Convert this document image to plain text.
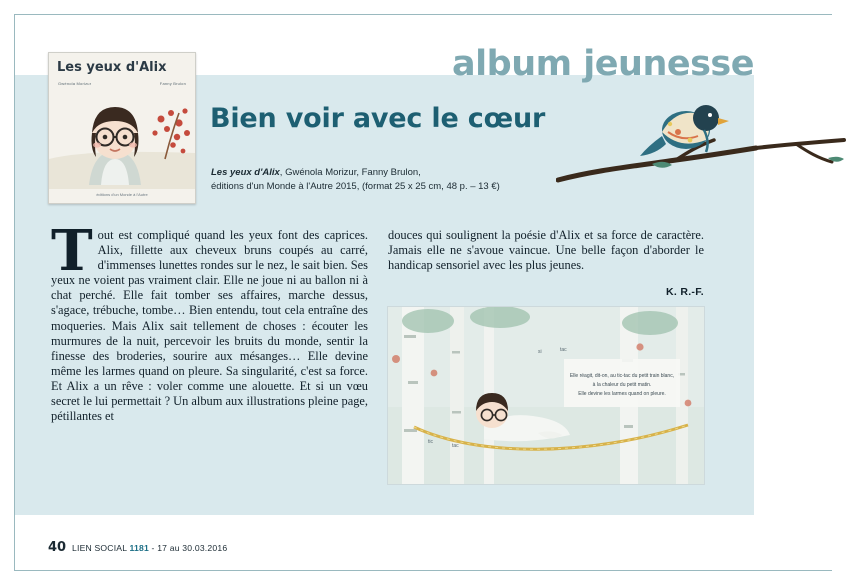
album jeunesse
Les yeux d'Alix
Gwénola Morizur	Fanny Brulon
éditions d'un Monde à l'Autre
Bien voir avec le cœur
Les yeux d'Alix, Gwénola Morizur, Fanny Brulon,
éditions d'un Monde à l'Autre 2015, (format 25 x 25 cm, 48 p. – 13 €)
Tout est compliqué quand les yeux font des caprices. Alix, fillette aux cheveux bruns coupés au carré, d'immenses lunettes rondes sur le nez, le sait bien. Ses yeux ne voient pas vraiment clair. Elle ne joue ni au ballon ni à chat perché. Elle fait tomber ses affaires, marche dessus, s'agace, trébuche, tombe… Bien entendu, tout cela entraîne des moqueries. Mais Alix sait tellement de choses : écouter les murmures de la nuit, percevoir les bruits du monde, sentir la finesse des broderies, sourire aux mésanges… Elle devine même les larmes quand on pleure. Sa singularité, c'est sa force. Et Alix a un rêve : voler comme une alouette. Et si un vœu secret le lui permettait ? Un album aux illustrations pleine page, pétillantes et
douces qui soulignent la poésie d'Alix et sa force de caractère. Jamais elle ne s'avoue vaincue. Une belle façon d'aborder le handicap sensoriel avec les plus jeunes.
K. R.-F.
Elle réagit, dit-on, au tic-tac du petit train blanc,
à la chaleur du petit matin.
Elle devine les larmes quand on pleure.
si	tac
tic
tac
40 LIEN SOCIAL 1181 - 17 au 30.03.2016
